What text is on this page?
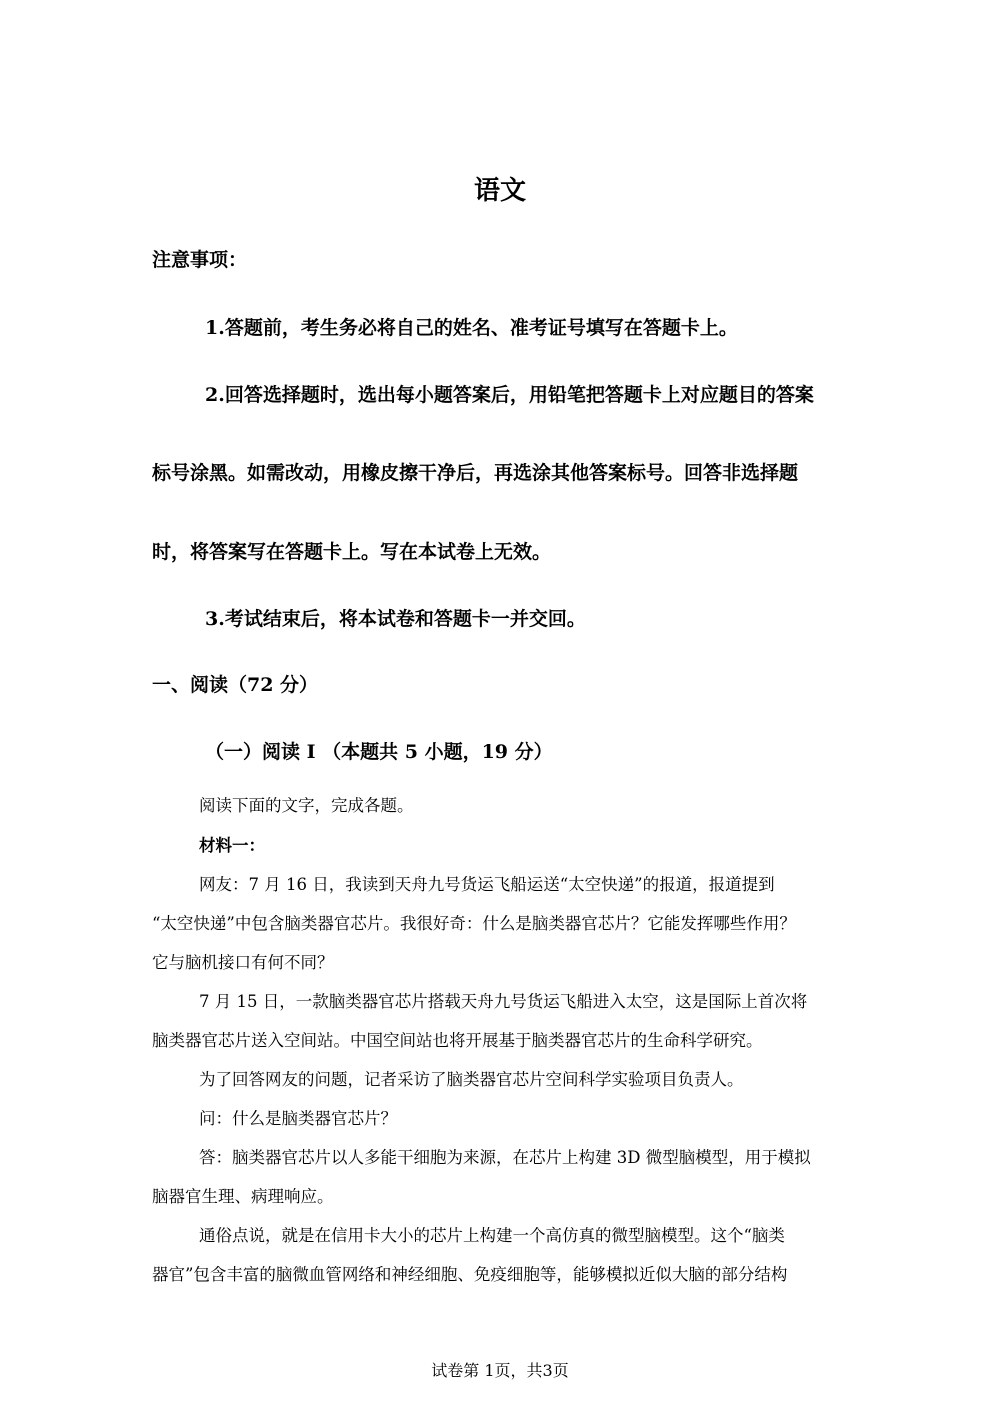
语文
注意事项：
1.答题前，考生务必将自己的姓名、准考证号填写在答题卡上。
2.回答选择题时，选出每小题答案后，用铅笔把答题卡上对应题目的答案
标号涂黑。如需改动，用橡皮擦干净后，再选涂其他答案标号。回答非选择题
时，将答案写在答题卡上。写在本试卷上无效。
3.考试结束后，将本试卷和答题卡一并交回。
一、阅读（72 分）
（一）阅读 I （本题共 5 小题，19 分）
阅读下面的文字，完成各题。
材料一：
网友：7 月 16 日，我读到天舟九号货运飞船运送“太空快递”的报道，报道提到
“太空快递”中包含脑类器官芯片。我很好奇：什么是脑类器官芯片？它能发挥哪些作用？
它与脑机接口有何不同？
7 月 15 日，一款脑类器官芯片搭载天舟九号货运飞船进入太空，这是国际上首次将
脑类器官芯片送入空间站。中国空间站也将开展基于脑类器官芯片的生命科学研究。
为了回答网友的问题，记者采访了脑类器官芯片空间科学实验项目负责人。
问：什么是脑类器官芯片？
答：脑类器官芯片以人多能干细胞为来源，在芯片上构建 3D 微型脑模型，用于模拟
脑器官生理、病理响应。
通俗点说，就是在信用卡大小的芯片上构建一个高仿真的微型脑模型。这个“脑类
器官”包含丰富的脑微血管网络和神经细胞、免疫细胞等，能够模拟近似大脑的部分结构
试卷第 1页，共3页
